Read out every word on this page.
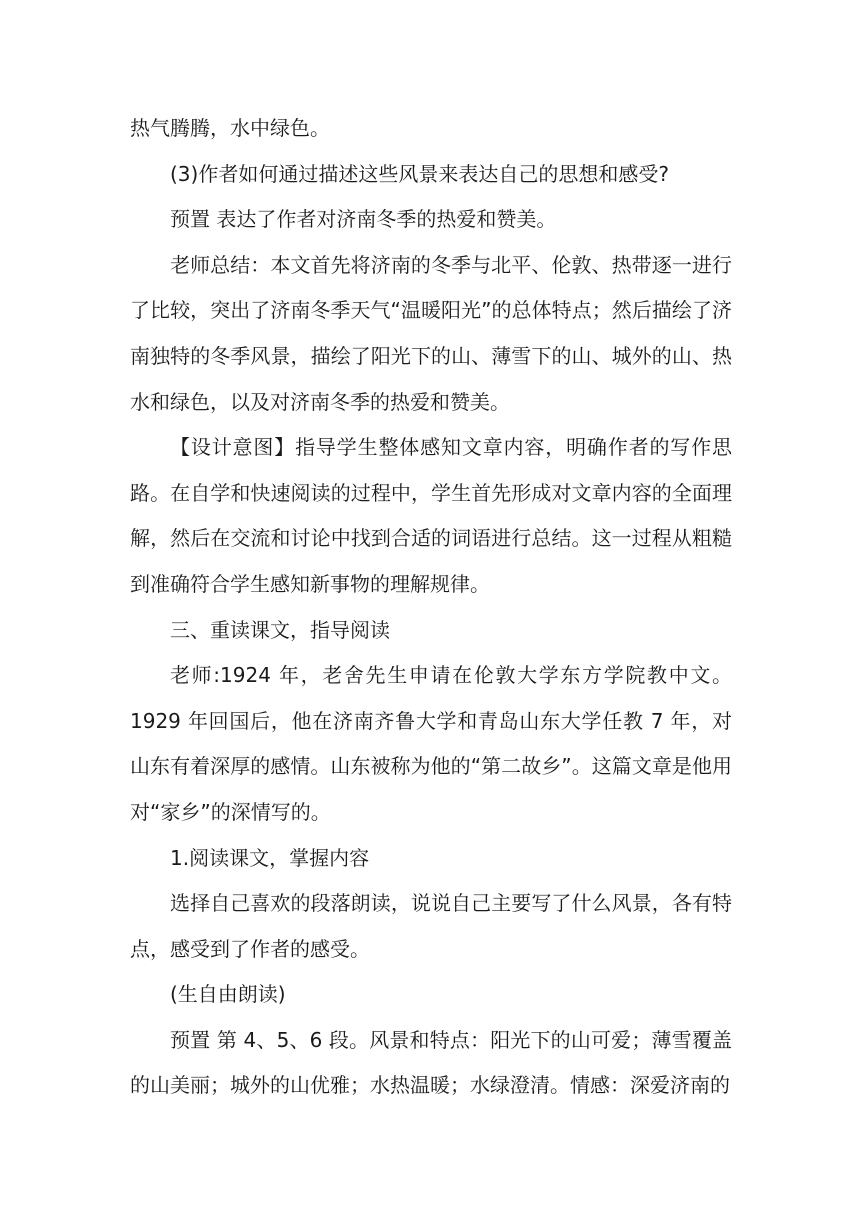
热气腾腾，水中绿色。

(3)作者如何通过描述这些风景来表达自己的思想和感受?

预置 表达了作者对济南冬季的热爱和赞美。

老师总结：本文首先将济南的冬季与北平、伦敦、热带逐一进行了比较，突出了济南冬季天气“温暖阳光”的总体特点；然后描绘了济南独特的冬季风景，描绘了阳光下的山、薄雪下的山、城外的山、热水和绿色，以及对济南冬季的热爱和赞美。

【设计意图】指导学生整体感知文章内容，明确作者的写作思路。在自学和快速阅读的过程中，学生首先形成对文章内容的全面理解，然后在交流和讨论中找到合适的词语进行总结。这一过程从粗糙到准确符合学生感知新事物的理解规律。

三、重读课文，指导阅读

老师:1924 年，老舍先生申请在伦敦大学东方学院教中文。 1929 年回国后，他在济南齐鲁大学和青岛山东大学任教 7 年，对山东有着深厚的感情。山东被称为他的“第二故乡”。这篇文章是他用对“家乡”的深情写的。

1.阅读课文，掌握内容

选择自己喜欢的段落朗读，说说自己主要写了什么风景，各有特点，感受到了作者的感受。

(生自由朗读)

预置 第 4、5、6 段。风景和特点：阳光下的山可爱；薄雪覆盖的山美丽；城外的山优雅；水热温暖；水绿澄清。情感：深爱济南的
